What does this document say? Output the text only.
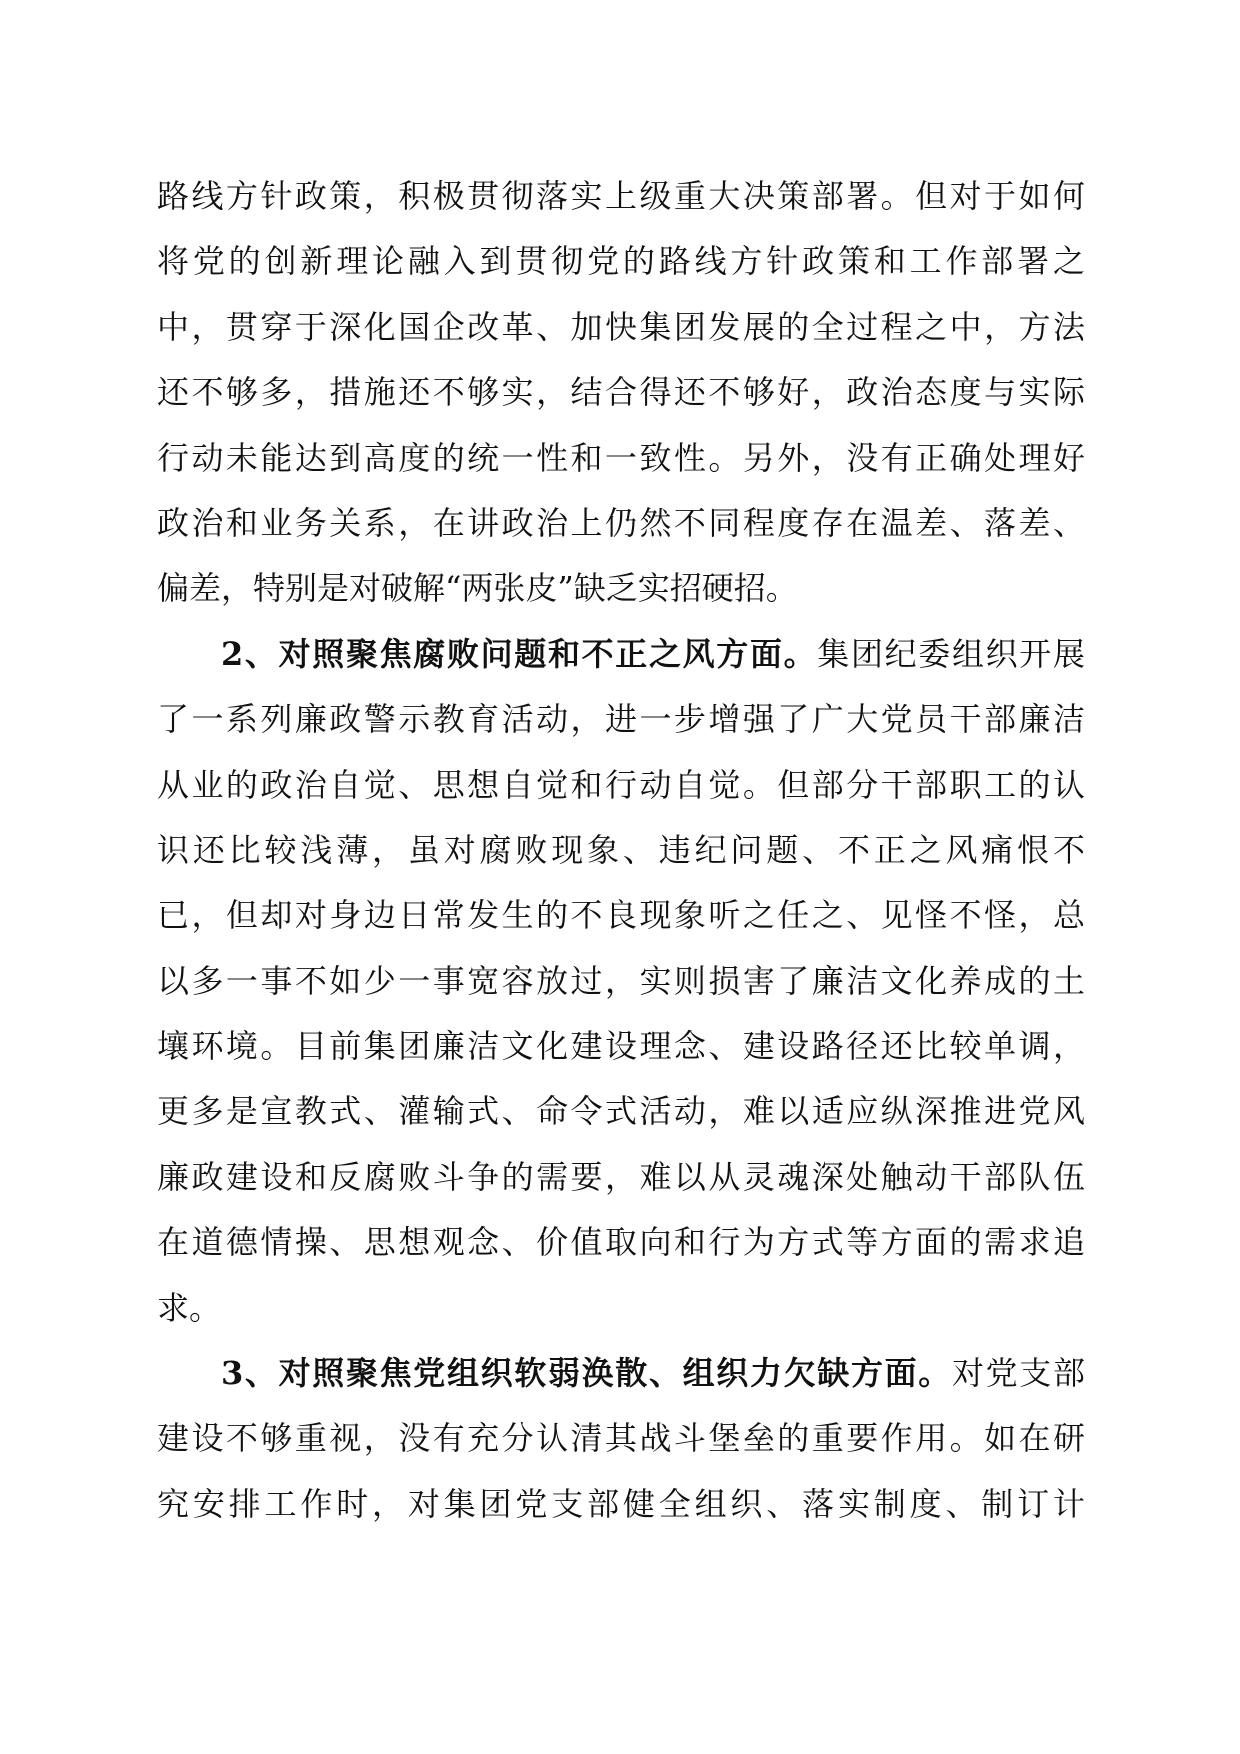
路线方针政策，积极贯彻落实上级重大决策部署。但对于如何
将党的创新理论融入到贯彻党的路线方针政策和工作部署之
中，贯穿于深化国企改革、加快集团发展的全过程之中，方法
还不够多，措施还不够实，结合得还不够好，政治态度与实际
行动未能达到高度的统一性和一致性。另外，没有正确处理好
政治和业务关系，在讲政治上仍然不同程度存在温差、落差、
偏差，特别是对破解“两张皮”缺乏实招硬招。
2、对照聚焦腐败问题和不正之风方面。集团纪委组织开展
了一系列廉政警示教育活动，进一步增强了广大党员干部廉洁
从业的政治自觉、思想自觉和行动自觉。但部分干部职工的认
识还比较浅薄，虽对腐败现象、违纪问题、不正之风痛恨不
已，但却对身边日常发生的不良现象听之任之、见怪不怪，总
以多一事不如少一事宽容放过，实则损害了廉洁文化养成的土
壤环境。目前集团廉洁文化建设理念、建设路径还比较单调，
更多是宣教式、灌输式、命令式活动，难以适应纵深推进党风
廉政建设和反腐败斗争的需要，难以从灵魂深处触动干部队伍
在道德情操、思想观念、价值取向和行为方式等方面的需求追
求。
3、对照聚焦党组织软弱涣散、组织力欠缺方面。对党支部
建设不够重视，没有充分认清其战斗堡垒的重要作用。如在研
究安排工作时，对集团党支部健全组织、落实制度、制订计
